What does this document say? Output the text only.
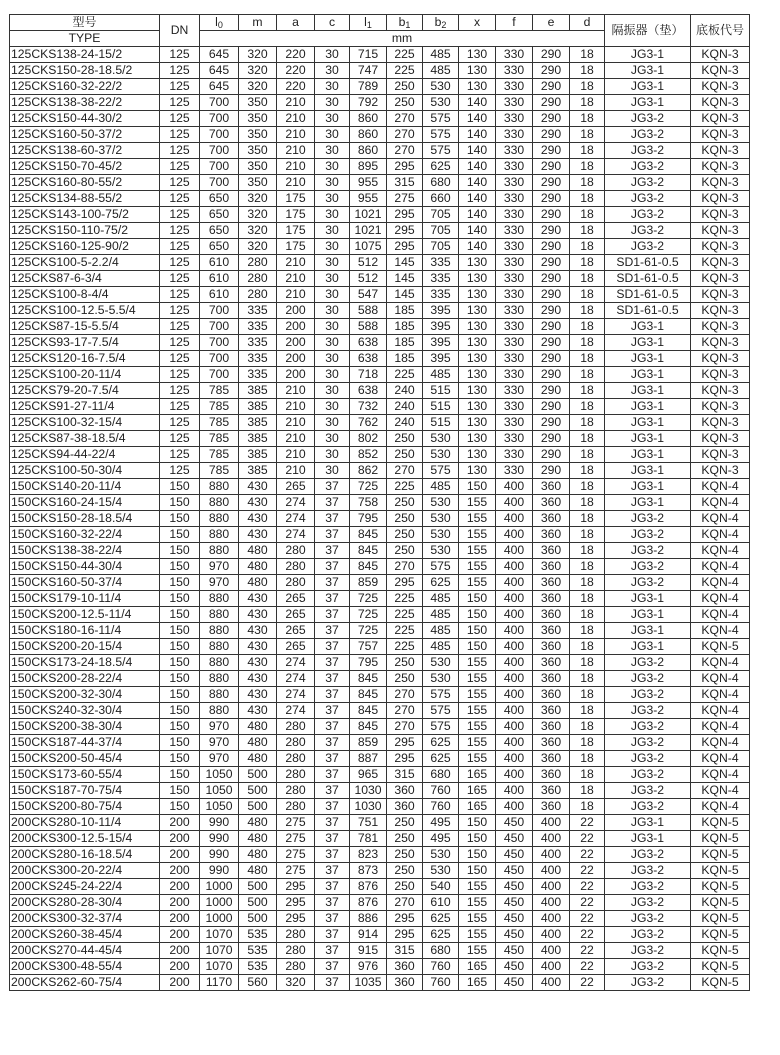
型号	DN	$l_0$	m	a	c	$l_1$	$b_1$	$b_2$	x	f	e	d	隔振器（垫）	底板代号
TYPE		mm												
125CKS138-24-15/2	125	645	320	220	30	715	225	485	130	330	290	18	JG3-1	KQN-3
125CKS150-28-18.5/2	125	645	320	220	30	747	225	485	130	330	290	18	JG3-1	KQN-3
125CKS160-32-22/2	125	645	320	220	30	789	250	530	130	330	290	18	JG3-1	KQN-3
125CKS138-38-22/2	125	700	350	210	30	792	250	530	140	330	290	18	JG3-1	KQN-3
125CKS150-44-30/2	125	700	350	210	30	860	270	575	140	330	290	18	JG3-2	KQN-3
125CKS160-50-37/2	125	700	350	210	30	860	270	575	140	330	290	18	JG3-2	KQN-3
125CKS138-60-37/2	125	700	350	210	30	860	270	575	140	330	290	18	JG3-2	KQN-3
125CKS150-70-45/2	125	700	350	210	30	895	295	625	140	330	290	18	JG3-2	KQN-3
125CKS160-80-55/2	125	700	350	210	30	955	315	680	140	330	290	18	JG3-2	KQN-3
125CKS134-88-55/2	125	650	320	175	30	955	275	660	140	330	290	18	JG3-2	KQN-3
125CKS143-100-75/2	125	650	320	175	30	1021	295	705	140	330	290	18	JG3-2	KQN-3
125CKS150-110-75/2	125	650	320	175	30	1021	295	705	140	330	290	18	JG3-2	KQN-3
125CKS160-125-90/2	125	650	320	175	30	1075	295	705	140	330	290	18	JG3-2	KQN-3
125CKS100-5-2.2/4	125	610	280	210	30	512	145	335	130	330	290	18	SD1-61-0.5	KQN-3
125CKS87-6-3/4	125	610	280	210	30	512	145	335	130	330	290	18	SD1-61-0.5	KQN-3
125CKS100-8-4/4	125	610	280	210	30	547	145	335	130	330	290	18	SD1-61-0.5	KQN-3
125CKS100-12.5-5.5/4	125	700	335	200	30	588	185	395	130	330	290	18	SD1-61-0.5	KQN-3
125CKS87-15-5.5/4	125	700	335	200	30	588	185	395	130	330	290	18	JG3-1	KQN-3
125CKS93-17-7.5/4	125	700	335	200	30	638	185	395	130	330	290	18	JG3-1	KQN-3
125CKS120-16-7.5/4	125	700	335	200	30	638	185	395	130	330	290	18	JG3-1	KQN-3
125CKS100-20-11/4	125	700	335	200	30	718	225	485	130	330	290	18	JG3-1	KQN-3
125CKS79-20-7.5/4	125	785	385	210	30	638	240	515	130	330	290	18	JG3-1	KQN-3
125CKS91-27-11/4	125	785	385	210	30	732	240	515	130	330	290	18	JG3-1	KQN-3
125CKS100-32-15/4	125	785	385	210	30	762	240	515	130	330	290	18	JG3-1	KQN-3
125CKS87-38-18.5/4	125	785	385	210	30	802	250	530	130	330	290	18	JG3-1	KQN-3
125CKS94-44-22/4	125	785	385	210	30	852	250	530	130	330	290	18	JG3-1	KQN-3
125CKS100-50-30/4	125	785	385	210	30	862	270	575	130	330	290	18	JG3-1	KQN-3
150CKS140-20-11/4	150	880	430	265	37	725	225	485	150	400	360	18	JG3-1	KQN-4
150CKS160-24-15/4	150	880	430	274	37	758	250	530	155	400	360	18	JG3-1	KQN-4
150CKS150-28-18.5/4	150	880	430	274	37	795	250	530	155	400	360	18	JG3-2	KQN-4
150CKS160-32-22/4	150	880	430	274	37	845	250	530	155	400	360	18	JG3-2	KQN-4
150CKS138-38-22/4	150	880	480	280	37	845	250	530	155	400	360	18	JG3-2	KQN-4
150CKS150-44-30/4	150	970	480	280	37	845	270	575	155	400	360	18	JG3-2	KQN-4
150CKS160-50-37/4	150	970	480	280	37	859	295	625	155	400	360	18	JG3-2	KQN-4
150CKS179-10-11/4	150	880	430	265	37	725	225	485	150	400	360	18	JG3-1	KQN-4
150CKS200-12.5-11/4	150	880	430	265	37	725	225	485	150	400	360	18	JG3-1	KQN-4
150CKS180-16-11/4	150	880	430	265	37	725	225	485	150	400	360	18	JG3-1	KQN-4
150CKS200-20-15/4	150	880	430	265	37	757	225	485	150	400	360	18	JG3-1	KQN-5
150CKS173-24-18.5/4	150	880	430	274	37	795	250	530	155	400	360	18	JG3-2	KQN-4
150CKS200-28-22/4	150	880	430	274	37	845	250	530	155	400	360	18	JG3-2	KQN-4
150CKS200-32-30/4	150	880	430	274	37	845	270	575	155	400	360	18	JG3-2	KQN-4
150CKS240-32-30/4	150	880	430	274	37	845	270	575	155	400	360	18	JG3-2	KQN-4
150CKS200-38-30/4	150	970	480	280	37	845	270	575	155	400	360	18	JG3-2	KQN-4
150CKS187-44-37/4	150	970	480	280	37	859	295	625	155	400	360	18	JG3-2	KQN-4
150CKS200-50-45/4	150	970	480	280	37	887	295	625	155	400	360	18	JG3-2	KQN-4
150CKS173-60-55/4	150	1050	500	280	37	965	315	680	165	400	360	18	JG3-2	KQN-4
150CKS187-70-75/4	150	1050	500	280	37	1030	360	760	165	400	360	18	JG3-2	KQN-4
150CKS200-80-75/4	150	1050	500	280	37	1030	360	760	165	400	360	18	JG3-2	KQN-4
200CKS280-10-11/4	200	990	480	275	37	751	250	495	150	450	400	22	JG3-1	KQN-5
200CKS300-12.5-15/4	200	990	480	275	37	781	250	495	150	450	400	22	JG3-1	KQN-5
200CKS280-16-18.5/4	200	990	480	275	37	823	250	530	150	450	400	22	JG3-2	KQN-5
200CKS300-20-22/4	200	990	480	275	37	873	250	530	150	450	400	22	JG3-2	KQN-5
200CKS245-24-22/4	200	1000	500	295	37	876	250	540	155	450	400	22	JG3-2	KQN-5
200CKS280-28-30/4	200	1000	500	295	37	876	270	610	155	450	400	22	JG3-2	KQN-5
200CKS300-32-37/4	200	1000	500	295	37	886	295	625	155	450	400	22	JG3-2	KQN-5
200CKS260-38-45/4	200	1070	535	280	37	914	295	625	155	450	400	22	JG3-2	KQN-5
200CKS270-44-45/4	200	1070	535	280	37	915	315	680	155	450	400	22	JG3-2	KQN-5
200CKS300-48-55/4	200	1070	535	280	37	976	360	760	165	450	400	22	JG3-2	KQN-5
200CKS262-60-75/4	200	1170	560	320	37	1035	360	760	165	450	400	22	JG3-2	KQN-5
